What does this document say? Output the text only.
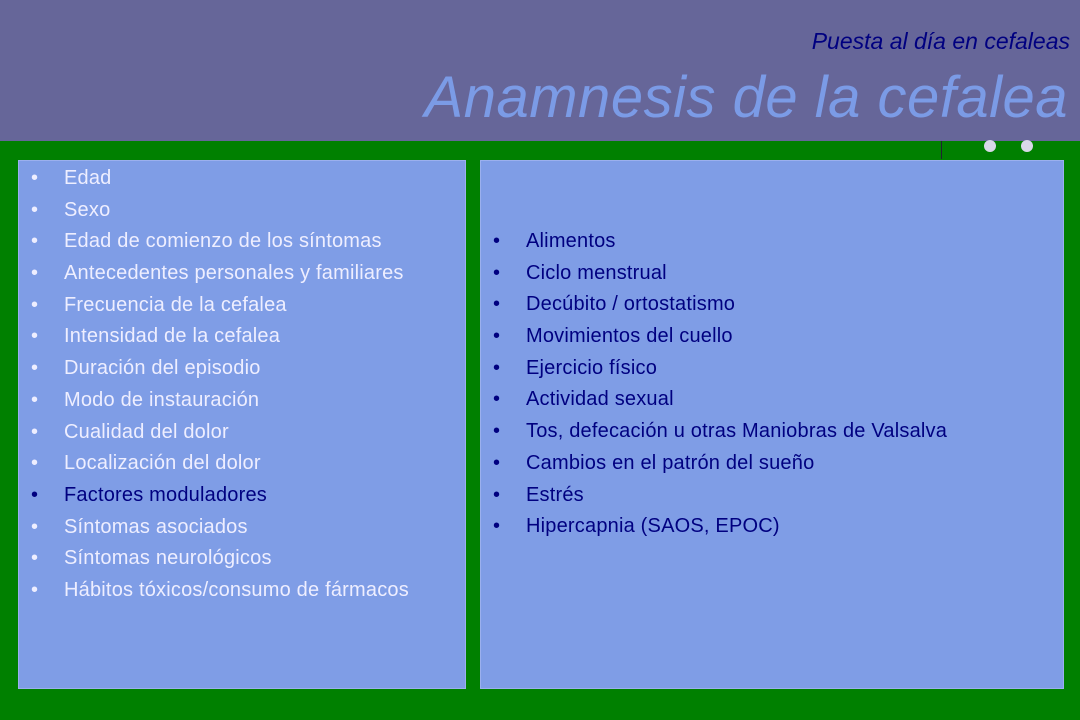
Puesta al día en cefaleas
Anamnesis de la cefalea
• Edad
• Sexo
• Edad de comienzo de los síntomas
• Antecedentes personales y familiares
• Frecuencia de la cefalea
• Intensidad de la cefalea
• Duración del episodio
• Modo de instauración
• Cualidad del dolor
• Localización del dolor
• Factores moduladores
• Síntomas asociados
• Síntomas neurológicos
• Hábitos tóxicos/consumo de fármacos
• Alimentos
• Ciclo menstrual
• Decúbito / ortostatismo
• Movimientos del cuello
• Ejercicio físico
• Actividad sexual
• Tos, defecación u otras Maniobras de Valsalva
• Cambios en el patrón del sueño
• Estrés
• Hipercapnia (SAOS, EPOC)
